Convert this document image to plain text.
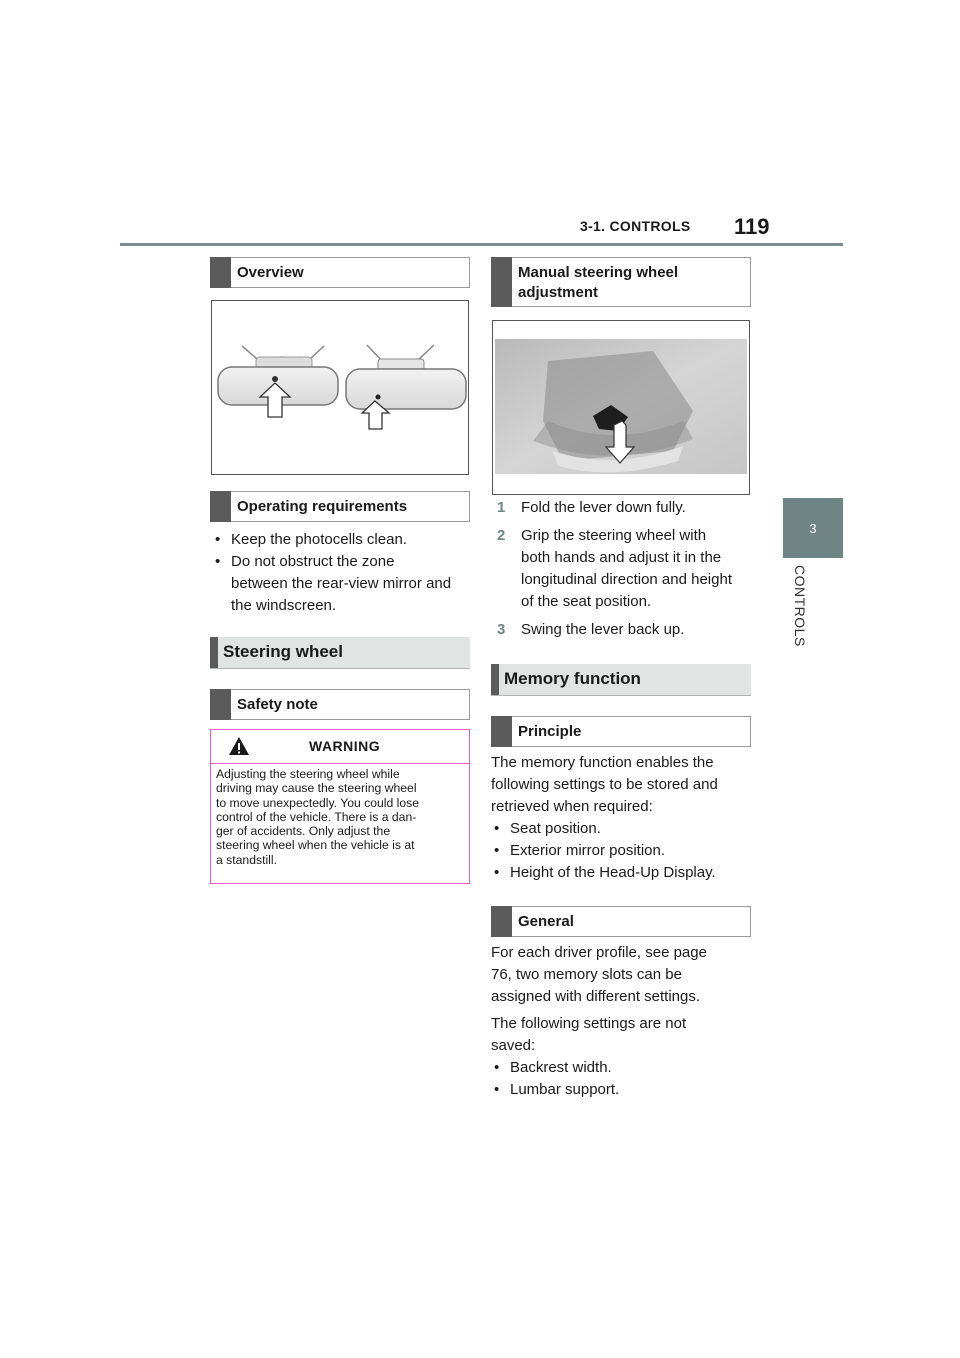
3-1. CONTROLS 119
3
CONTROLS
Overview
Operating requirements
• Keep the photocells clean.
• Do not obstruct the zone
between the rear-view mirror and
the windscreen.
Steering wheel
Safety note
WARNING
Adjusting the steering wheel while
driving may cause the steering wheel
to move unexpectedly. You could lose
control of the vehicle. There is a dan-
ger of accidents. Only adjust the
steering wheel when the vehicle is at
a standstill.
Manual steering wheel
adjustment
1 Fold the lever down fully.
2 Grip the steering wheel with
both hands and adjust it in the
longitudinal direction and height
of the seat position.
3 Swing the lever back up.
Memory function
Principle
The memory function enables the
following settings to be stored and
retrieved when required:
• Seat position.
• Exterior mirror position.
• Height of the Head-Up Display.
General
For each driver profile, see page
76, two memory slots can be
assigned with different settings.
The following settings are not
saved:
• Backrest width.
• Lumbar support.
